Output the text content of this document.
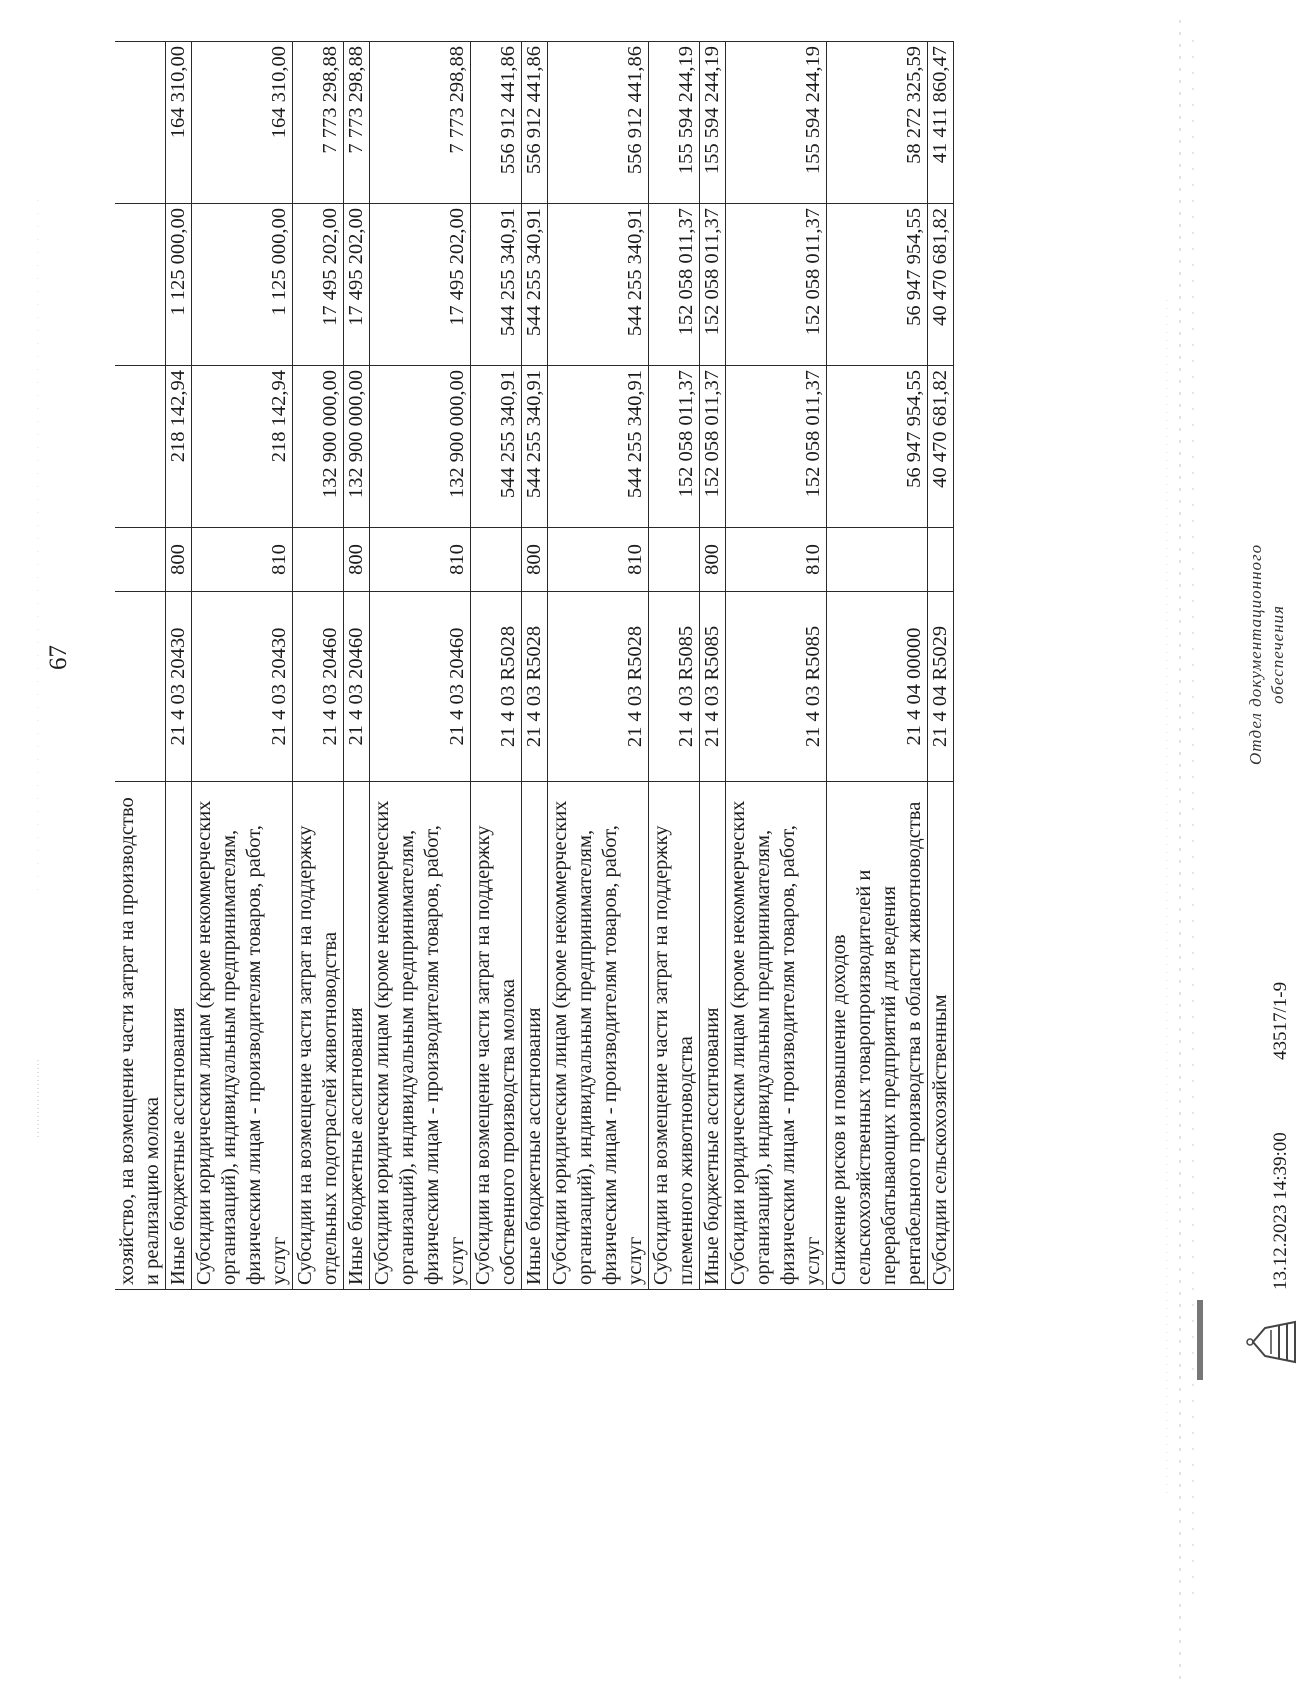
67
хозяйство, на возмещение части затрат на производство и реализацию молока					
Иные бюджетные ассигнования	21 4 03 20430	800	218 142,94	1 125 000,00	164 310,00
Субсидии юридическим лицам (кроме некоммерческих организаций), индивидуальным предпринимателям, физическим лицам - производителям товаров, работ, услуг	21 4 03 20430	810	218 142,94	1 125 000,00	164 310,00
Субсидии на возмещение части затрат на поддержку отдельных подотраслей животноводства	21 4 03 20460		132 900 000,00	17 495 202,00	7 773 298,88
Иные бюджетные ассигнования	21 4 03 20460	800	132 900 000,00	17 495 202,00	7 773 298,88
Субсидии юридическим лицам (кроме некоммерческих организаций), индивидуальным предпринимателям, физическим лицам - производителям товаров, работ, услуг	21 4 03 20460	810	132 900 000,00	17 495 202,00	7 773 298,88
Субсидии на возмещение части затрат на поддержку собственного производства молока	21 4 03 R5028		544 255 340,91	544 255 340,91	556 912 441,86
Иные бюджетные ассигнования	21 4 03 R5028	800	544 255 340,91	544 255 340,91	556 912 441,86
Субсидии юридическим лицам (кроме некоммерческих организаций), индивидуальным предпринимателям, физическим лицам - производителям товаров, работ, услуг	21 4 03 R5028	810	544 255 340,91	544 255 340,91	556 912 441,86
Субсидии на возмещение части затрат на поддержку племенного животноводства	21 4 03 R5085		152 058 011,37	152 058 011,37	155 594 244,19
Иные бюджетные ассигнования	21 4 03 R5085	800	152 058 011,37	152 058 011,37	155 594 244,19
Субсидии юридическим лицам (кроме некоммерческих организаций), индивидуальным предпринимателям, физическим лицам - производителям товаров, работ, услуг	21 4 03 R5085	810	152 058 011,37	152 058 011,37	155 594 244,19
Снижение рисков и повышение доходов сельскохозяйственных товаропроизводителей и перерабатывающих предприятий для ведения рентабельного производства в области животноводства	21 4 04 00000		56 947 954,55	56 947 954,55	58 272 325,59
Субсидии сельскохозяйственным	21 4 04 R5029		40 470 681,82	40 470 681,82	41 411 860,47
13.12.2023 14:39:00
43517/1-9
Отдел документационного обеспечения
